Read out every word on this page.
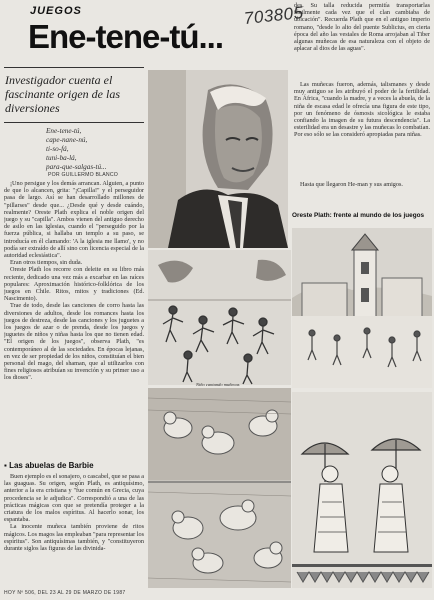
703805
JUEGOS
Ene-tene-tú...
Investigador cuenta el fascinante origen de las diversiones
Ene-tene-tú,
cape-nane-nú,
ti-so-fá,
tuni-ba-lá,
para-que-salgas-tú...
POR GUILLERMO BLANCO

¡Uno persigue y los demás arrancan. Alguien, a punto de que lo alcancen, grita: "¡Capilla!" y el perseguidor pasa de largo. Así se han desarrollado millones de "pillarses" desde que... ¿Desde qué y desde cuándo, realmente? Oreste Plath explica el noble origen del juego y su "capilla". Ambos vienen del antiguo derecho de asilo en las iglesias, cuando el "perseguido por la fuerza pública, si hallaba un templo a su paso, se introducía en él clamando: 'A la iglesia me llamo', y no podía ser extraído de allí sino con licencia especial de la autoridad eclesiástica".

Eran otros tiempos, sin duda.

Oreste Plath los recorre con deleite en su libro más reciente, dedicado una vez más a excarbar en las raíces populares: Aproximación histórico-folklórica de los juegos en Chile. Ritos, mitos y tradiciones (Ed. Nascimento).

Trae de todo, desde las canciones de corro hasta las diversiones de adultos, desde los romances hasta los juegos de destreza, desde las canciones y los juguetes a los juegos de azar o de prenda, desde los juegos y juguetes de niños y niñas hasta los que no tienen edad. "El origen de los juegos", observa Plath, "es contemporáneo al de las sociedades. En épocas lejanas, en vez de ser propiedad de los niños, constituían el bien personal del mago, del shaman, que al utilizarlos con fines religiosos atribuían su invención y su primer uso a los dioses".

▪ Las abuelas de Barbie

Buen ejemplo es el sonajero, o cascabel, que se pasa a las guaguas. Su origen, según Plath, es antiquísimo, anterior a la era cristiana y "fue común en Grecia, cuya procedencia se le adjudica". Correspondió a una de las prácticas mágicas con que se pretendía proteger a la criatura de los malos espíritus. Al hacerlo sonar, los espantaba.

La inocente muñeca también proviene de ritos mágicos. Los magos las empleaban "para representar los espíritus". Son antiquísimas también, y "constituyeron durante siglos las figuras de las divinida-

des. Su talla reducida permitía transportarlas fácilmente cada vez que el clan cambiaba de ubicación". Recuerda Plath que en el antiguo imperio romano, "desde lo alto del puente Sublicius, en cierta época del año las vestales de Roma arrojaban al Tiber algunas muñecas de esa naturaleza con el objeto de aplacar al dios de las aguas".

Las muñecas fueron, además, talismanes y desde muy antiguo se les atribuyó el poder de la fertilidad. En África, "cuando la madre, y a veces la abuela, de la niña de escasa edad le ofrecía una figura de este tipo, por un fenómeno de ósmosis sicológica le estaba confiando la imagen de su futura descendencia". La esterilidad era un desastre y las muñecas lo combatían. Por eso sólo se las consideró apropiadas para niñas.

Hasta que llegaron He-man y sus amigos.

Oreste Plath: frente al mundo de los juegos
Niño cantando muñecas
HOY Nº 506, DEL 23 AL 29 DE MARZO DE 1987
